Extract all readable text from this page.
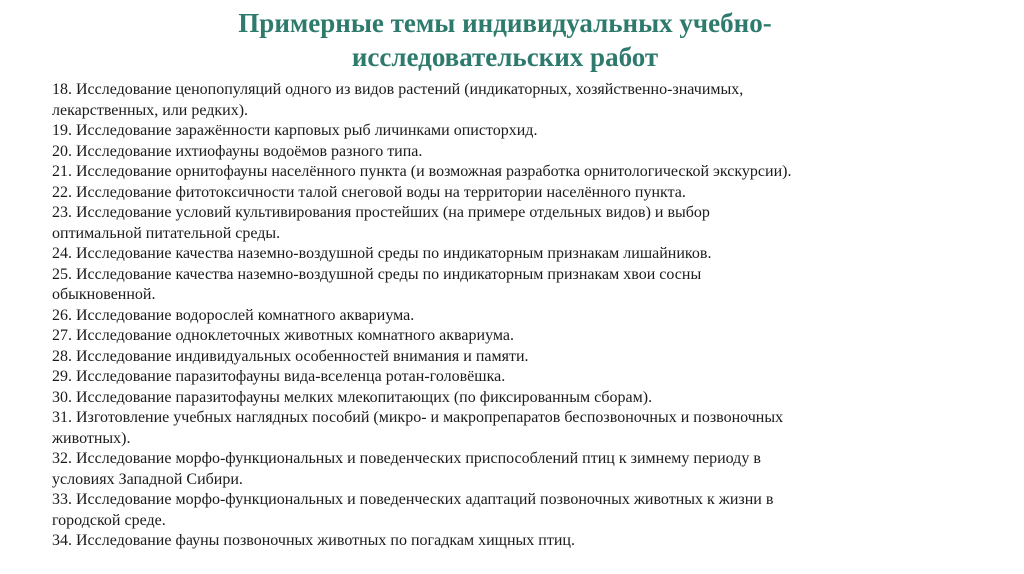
Примерные темы индивидуальных учебно-
исследовательских работ
18. Исследование ценопопуляций одного из видов растений (индикаторных, хозяйственно-значимых,
лекарственных, или редких).
19. Исследование заражённости карповых рыб личинками описторхид.
20. Исследование ихтиофауны водоёмов разного типа.
21. Исследование орнитофауны населённого пункта (и возможная разработка орнитологической экскурсии).
22. Исследование фитотоксичности талой снеговой воды на территории населённого пункта.
23. Исследование условий культивирования простейших (на примере отдельных видов) и выбор
оптимальной питательной среды.
24. Исследование качества наземно-воздушной среды по индикаторным признакам лишайников.
25. Исследование качества наземно-воздушной среды по индикаторным признакам хвои сосны
обыкновенной.
26. Исследование водорослей комнатного аквариума.
27. Исследование одноклеточных животных комнатного аквариума.
28. Исследование индивидуальных особенностей внимания и памяти.
29. Исследование паразитофауны вида-вселенца ротан-головёшка.
30. Исследование паразитофауны мелких млекопитающих (по фиксированным сборам).
31. Изготовление учебных наглядных пособий (микро- и макропрепаратов беспозвоночных и позвоночных
животных).
32. Исследование морфо-функциональных и поведенческих приспособлений птиц к зимнему периоду в
условиях Западной Сибири.
33. Исследование морфо-функциональных и поведенческих адаптаций позвоночных животных к жизни в
городской среде.
34. Исследование фауны позвоночных животных по погадкам хищных птиц.
